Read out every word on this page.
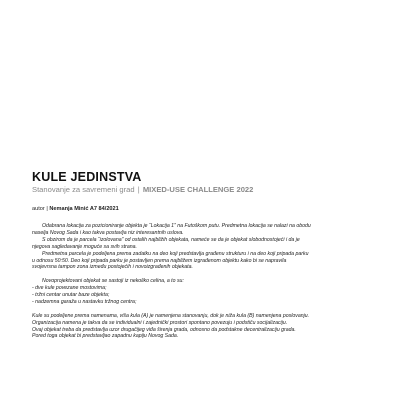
KULE JEDINSTVA
Stanovanje za savremeni grad | MIXED-USE CHALLENGE 2022
autor | Nemanja Minić A7 84/2021

Odabrana lokacija za pozicioniranje objekta je “Lokacija 1” na Futoškom putu. Predmetna lokacija se nalazi na obodu

naselja Novog Sada i kao takva postavlja niz interesantnih uslova.

S obzirom da je parcela “izolovana” od ostalih najbližih objekata, nameće se da je objekat slobodnostojeći i da je

njegova sagledavanje moguće sa svih strana.

Predmetna parcela je podeljena prema zadatku na deo koji predstavlja građenu strukturu i na deo koji pripada parku

u odnosu 50:50. Deo koji pripada parku je postavljen prema najbližem izgrađenom objektu kako bi se napravila

svojevrsna tampon zona između postojećih i novoizgrađenih objekata.

Novoprojektovani objekat se sastoji iz nekoliko celina, a to su:

- dve kule povezane mostovima;

- tržni centar unutar baze objekta;

- nadzemna garaža u nastavku tržnog centra;

Kule su podeljene prema namenama, viša kula (A) je namenjena stanovanju, dok je niža kula (B) namenjena poslovanju.

Organizacija namena je takva da se individualni i zajednički prostori spontano povezuju i podstiču socijalizaciju.

Ovaj objekat treba da predstavlja uzor drugačijeg viđa širenja grada, odnosno da podstakne decentralizaciju grada.

Pored toga objekat bi predstavljao zapadnu kapiju Novog Sada.
